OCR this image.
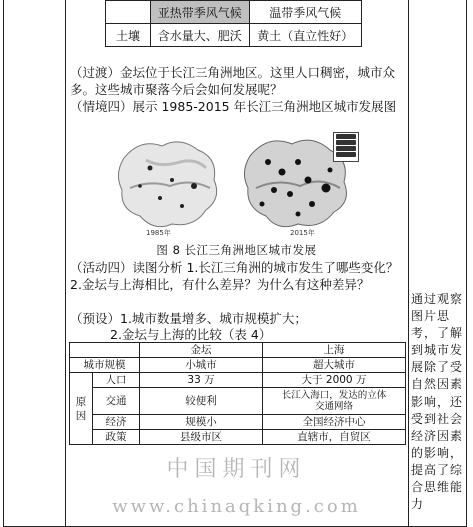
	亚热带季风气候	温带季风气候
土壤	含水量大、肥沃	黄土（直立性好）

（过渡）金坛位于长江三角洲地区。这里人口稠密，城市众多。这些城市聚落今后会如何发展呢？

（情境四）展示 1985-2015 年长江三角洲地区城市发展图

1985年	2015年
图 8 长江三角洲地区城市发展

（活动四）读图分析 1.长江三角洲的城市发生了哪些变化？2.金坛与上海相比，有什么差异？为什么有这种差异？

（预设）1.城市数量增多、城市规模扩大；

2.金坛与上海的比较（表 4）

		金坛	上海
城市规模		小城市	超大城市
原因	人口	33 万	大于 2000 万
	交通	较便利	长江入海口，发达的立体交通网络
	经济	规模小	全国经济中心
	政策	县级市区	直辖市，自贸区
通过观察图片思考，了解到城市发展除了受自然因素影响，还受到社会经济因素的影响，提高了综合思维能力
中国期刊网
www.chinaqking.com
